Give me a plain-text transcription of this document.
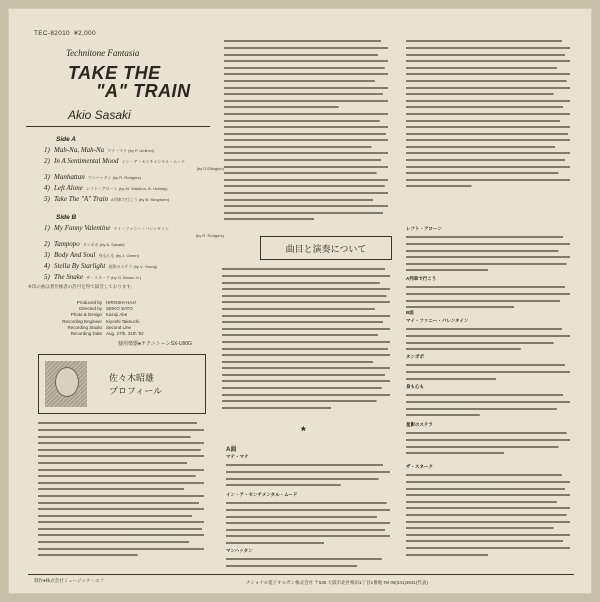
TEC-82010 ¥2,000
Technitone Fantasia
TAKE THE
"A" TRAIN
Akio Sasaki
Side A
1) Mah-Na, Mah-Na マナ・マナ (by P. Umiloni)
2) In A Sentimental Mood イン・ア・センチメンタル・ムード
(by D.Ellington)
3) Manhattan マンハッタン (by R. Rodgers)
4) Left Alone レフト・アローン (by M. Waldron, B. Holiday)
5) Take The "A" Train A列車で行こう (by B. Strayhorn)
Side B
1) My Funny Valentine マイ・ファニー・バレンタイン
(by R. Rodgers)
2) Tampopo タンポポ (by A. Sasaki)
3) Body And Soul 身も心も (by J. Green)
4) Stella By Starlight 星影のステラ (by V. Young)
5) The Snake ザ・スネーク (by O. Brown Jr.)
※印の曲は著作権者の許可を得て録音しております。
Produced by HIROSHI HAJI
Directed by SEIKO SATO
Photo & Design Kazuji Abe
Recording Engineer Kiyoshi Takeuchi
Recording Studio Second Line
Recording Date Aug. 27th, 31th '82
使用楽器●テクニトーンSX-U90G
佐々木昭雄
プロフィール
曲目と演奏について
*
A面
マナ・マナ
イン・ア・センチメンタル・ムード
マンハッタン
レフト・アローン
A列車で行こう
B面
マイ・ファニー・バレンタイン
タンポポ
身も心も
星影のステラ
ザ・スネーク
制作●株式会社ミュージック・エフ	ナショナル電子オルガン株式会社 〒530 大阪市北区梅田1丁目1番地 Tel 06(341)4631(代表)
